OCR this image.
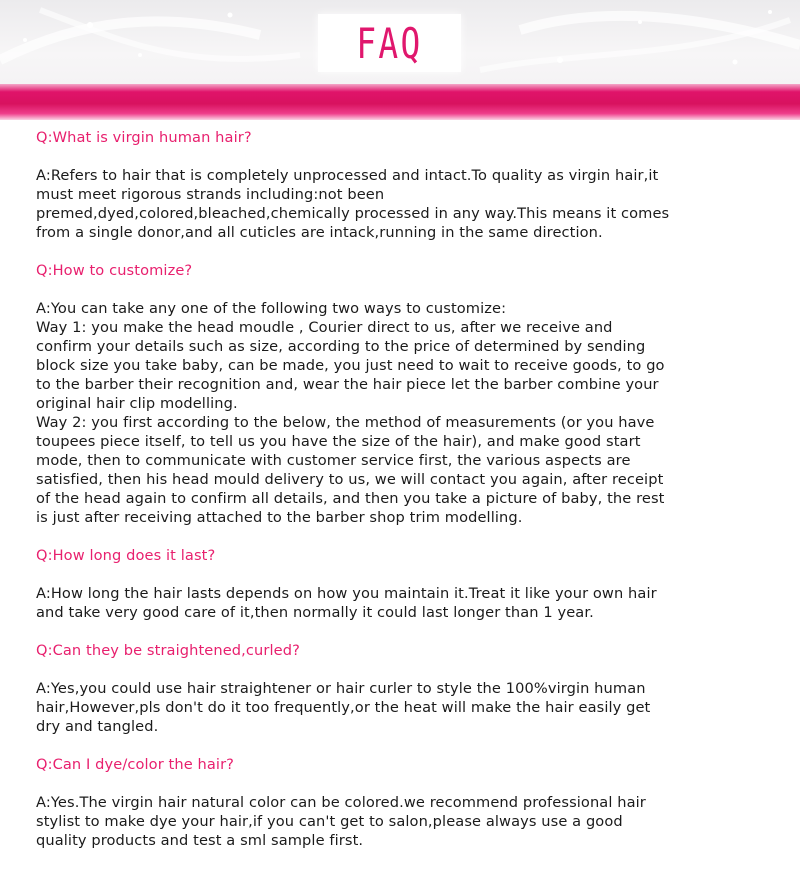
FAQ
Q:What is virgin human hair?
A:Refers to hair that is completely unprocessed and intact.To quality as virgin hair,it
must meet rigorous strands including:not been
premed,dyed,colored,bleached,chemically processed in any way.This means it comes
from a single donor,and all cuticles are intack,running in the same direction.
Q:How to customize?
A:You can take any one of the following two ways to customize:
Way 1: you make the head moudle , Courier direct to us, after we receive and
confirm your details such as size, according to the price of determined by sending
block size you take baby, can be made, you just need to wait to receive goods, to go
to the barber their recognition and, wear the hair piece let the barber combine your
original hair clip modelling.
Way 2: you first according to the below, the method of measurements (or you have
toupees piece itself, to tell us you have the size of the hair), and make good start
mode, then to communicate with customer service first, the various aspects are
satisfied, then his head mould delivery to us, we will contact you again, after receipt
of the head again to confirm all details, and then you take a picture of baby, the rest
is just after receiving attached to the barber shop trim modelling.
Q:How long does it last?
A:How long the hair lasts depends on how you maintain it.Treat it like your own hair
and take very good care of it,then normally it could last longer than 1 year.
Q:Can they be straightened,curled?
A:Yes,you could use hair straightener or hair curler to style the 100%virgin human
hair,However,pls don't do it too frequently,or the heat will make the hair easily get
dry and tangled.
Q:Can I dye/color the hair?
A:Yes.The virgin hair natural color can be colored.we recommend professional hair
stylist to make dye your hair,if you can't get to salon,please always use a good
quality products and test a sml sample first.
